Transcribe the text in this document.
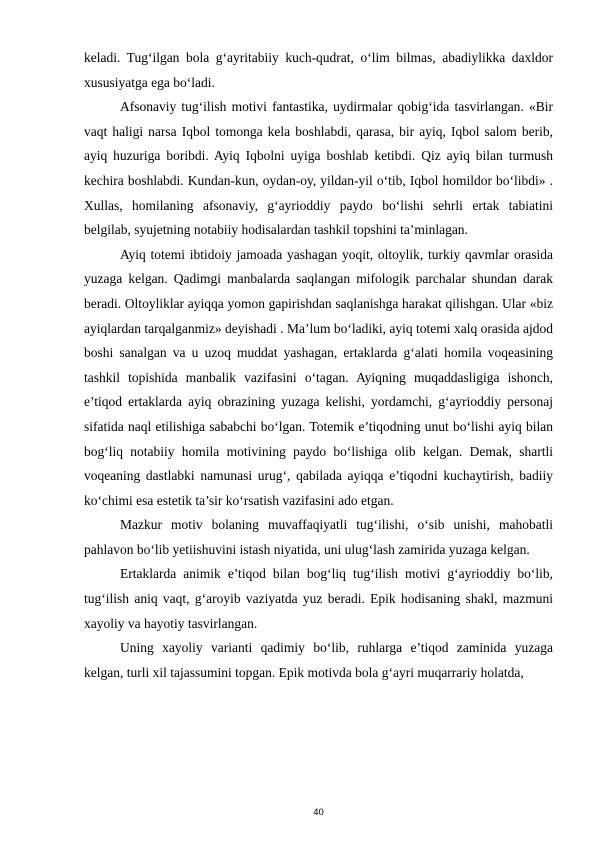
keladi. Tug‘ilgan bola g‘ayritabiiy kuch-qudrat, o‘lim bilmas, abadiylikka daxldor xususiyatga ega bo‘ladi.

Afsonaviy tug‘ilish motivi fantastika, uydirmalar qobig‘ida tasvirlangan. «Bir vaqt haligi narsa Iqbol tomonga kela boshlabdi, qarasa, bir ayiq, Iqbol salom berib, ayiq huzuriga boribdi. Ayiq Iqbolni uyiga boshlab ketibdi. Qiz ayiq bilan turmush kechira boshlabdi. Kundan-kun, oydan-oy, yildan-yil o‘tib, Iqbol homildor bo‘libdi» . Xullas, homilaning afsonaviy, g‘ayrioddiy paydo bo‘lishi sehrli ertak tabiatini belgilab, syujetning notabiiy hodisalardan tashkil topshini ta’minlagan.

Ayiq totemi ibtidoiy jamoada yashagan yoqit, oltoylik, turkiy qavmlar orasida yuzaga kelgan. Qadimgi manbalarda saqlangan mifologik parchalar shundan darak beradi. Oltoyliklar ayiqqa yomon gapirishdan saqlanishga harakat qilishgan. Ular «biz ayiqlardan tarqalganmiz» deyishadi . Ma’lum bo‘ladiki, ayiq totemi xalq orasida ajdod boshi sanalgan va u uzoq muddat yashagan, ertaklarda g‘alati homila voqeasining tashkil topishida manbalik vazifasini o‘tagan. Ayiqning muqaddasligiga ishonch, e’tiqod ertaklarda ayiq obrazining yuzaga kelishi, yordamchi, g‘ayrioddiy personaj sifatida naql etilishiga sababchi bo‘lgan. Totemik e’tiqodning unut bo‘lishi ayiq bilan bog‘liq notabiiy homila motivining paydo bo‘lishiga olib kelgan. Demak, shartli voqeaning dastlabki namunasi urug‘, qabilada ayiqqa e’tiqodni kuchaytirish, badiiy ko‘chimi esa estetik ta’sir ko‘rsatish vazifasini ado etgan.

Mazkur motiv bolaning muvaffaqiyatli tug‘ilishi, o‘sib unishi, mahobatli pahlavon bo‘lib yetiishuvini istash niyatida, uni ulug‘lash zamirida yuzaga kelgan.

Ertaklarda animik e’tiqod bilan bog‘liq tug‘ilish motivi g‘ayrioddiy bo‘lib, tug‘ilish aniq vaqt, g‘aroyib vaziyatda yuz beradi. Epik hodisaning shakl, mazmuni xayoliy va hayotiy tasvirlangan.

Uning xayoliy varianti qadimiy bo‘lib, ruhlarga e’tiqod zaminida yuzaga kelgan, turli xil tajassumini topgan. Epik motivda bola g‘ayri muqarrariy holatda,

40
